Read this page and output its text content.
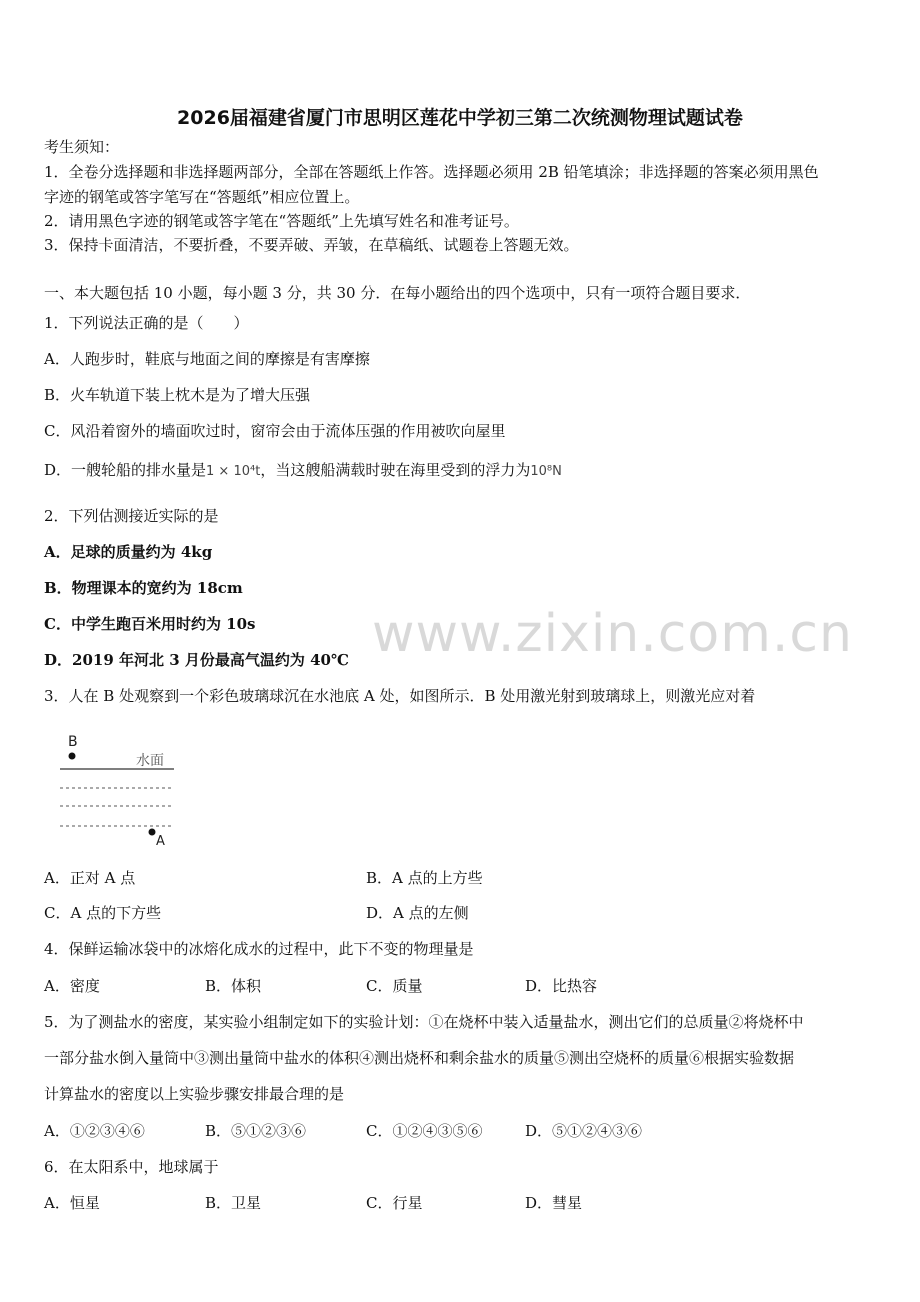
2026届福建省厦门市思明区莲花中学初三第二次统测物理试题试卷
考生须知：
1．全卷分选择题和非选择题两部分，全部在答题纸上作答。选择题必须用 2B 铅笔填涂；非选择题的答案必须用黑色
字迹的钢笔或答字笔写在“答题纸”相应位置上。
2．请用黑色字迹的钢笔或答字笔在“答题纸”上先填写姓名和准考证号。
3．保持卡面清洁，不要折叠，不要弄破、弄皱，在草稿纸、试题卷上答题无效。
一、本大题包括 10 小题，每小题 3 分，共 30 分．在每小题给出的四个选项中，只有一项符合题目要求．
1．下列说法正确的是（　　）
A．人跑步时，鞋底与地面之间的摩擦是有害摩擦
B．火车轨道下装上枕木是为了增大压强
C．风沿着窗外的墙面吹过时，窗帘会由于流体压强的作用被吹向屋里
D．一艘轮船的排水量是1 × 10⁴t，当这艘船满载时驶在海里受到的浮力为10⁸N
2．下列估测接近实际的是
A．足球的质量约为 4kg
B．物理课本的宽约为 18cm
C．中学生跑百米用时约为 10s
D．2019 年河北 3 月份最高气温约为 40℃ www.zixin.com.cn
3．人在 B 处观察到一个彩色玻璃球沉在水池底 A 处，如图所示．B 处用激光射到玻璃球上，则激光应对着
B
水面
A
A．正对 A 点	B．A 点的上方些
C．A 点的下方些	D．A 点的左侧
4．保鲜运输冰袋中的冰熔化成水的过程中，此下不变的物理量是
A．密度	B．体积	C．质量	D．比热容
5．为了测盐水的密度，某实验小组制定如下的实验计划：①在烧杯中装入适量盐水，测出它们的总质量②将烧杯中
一部分盐水倒入量筒中③测出量筒中盐水的体积④测出烧杯和剩余盐水的质量⑤测出空烧杯的质量⑥根据实验数据
计算盐水的密度以上实验步骤安排最合理的是
A．①②③④⑥	B．⑤①②③⑥	C．①②④③⑤⑥	D．⑤①②④③⑥
6．在太阳系中，地球属于
A．恒星	B．卫星	C．行星	D．彗星
